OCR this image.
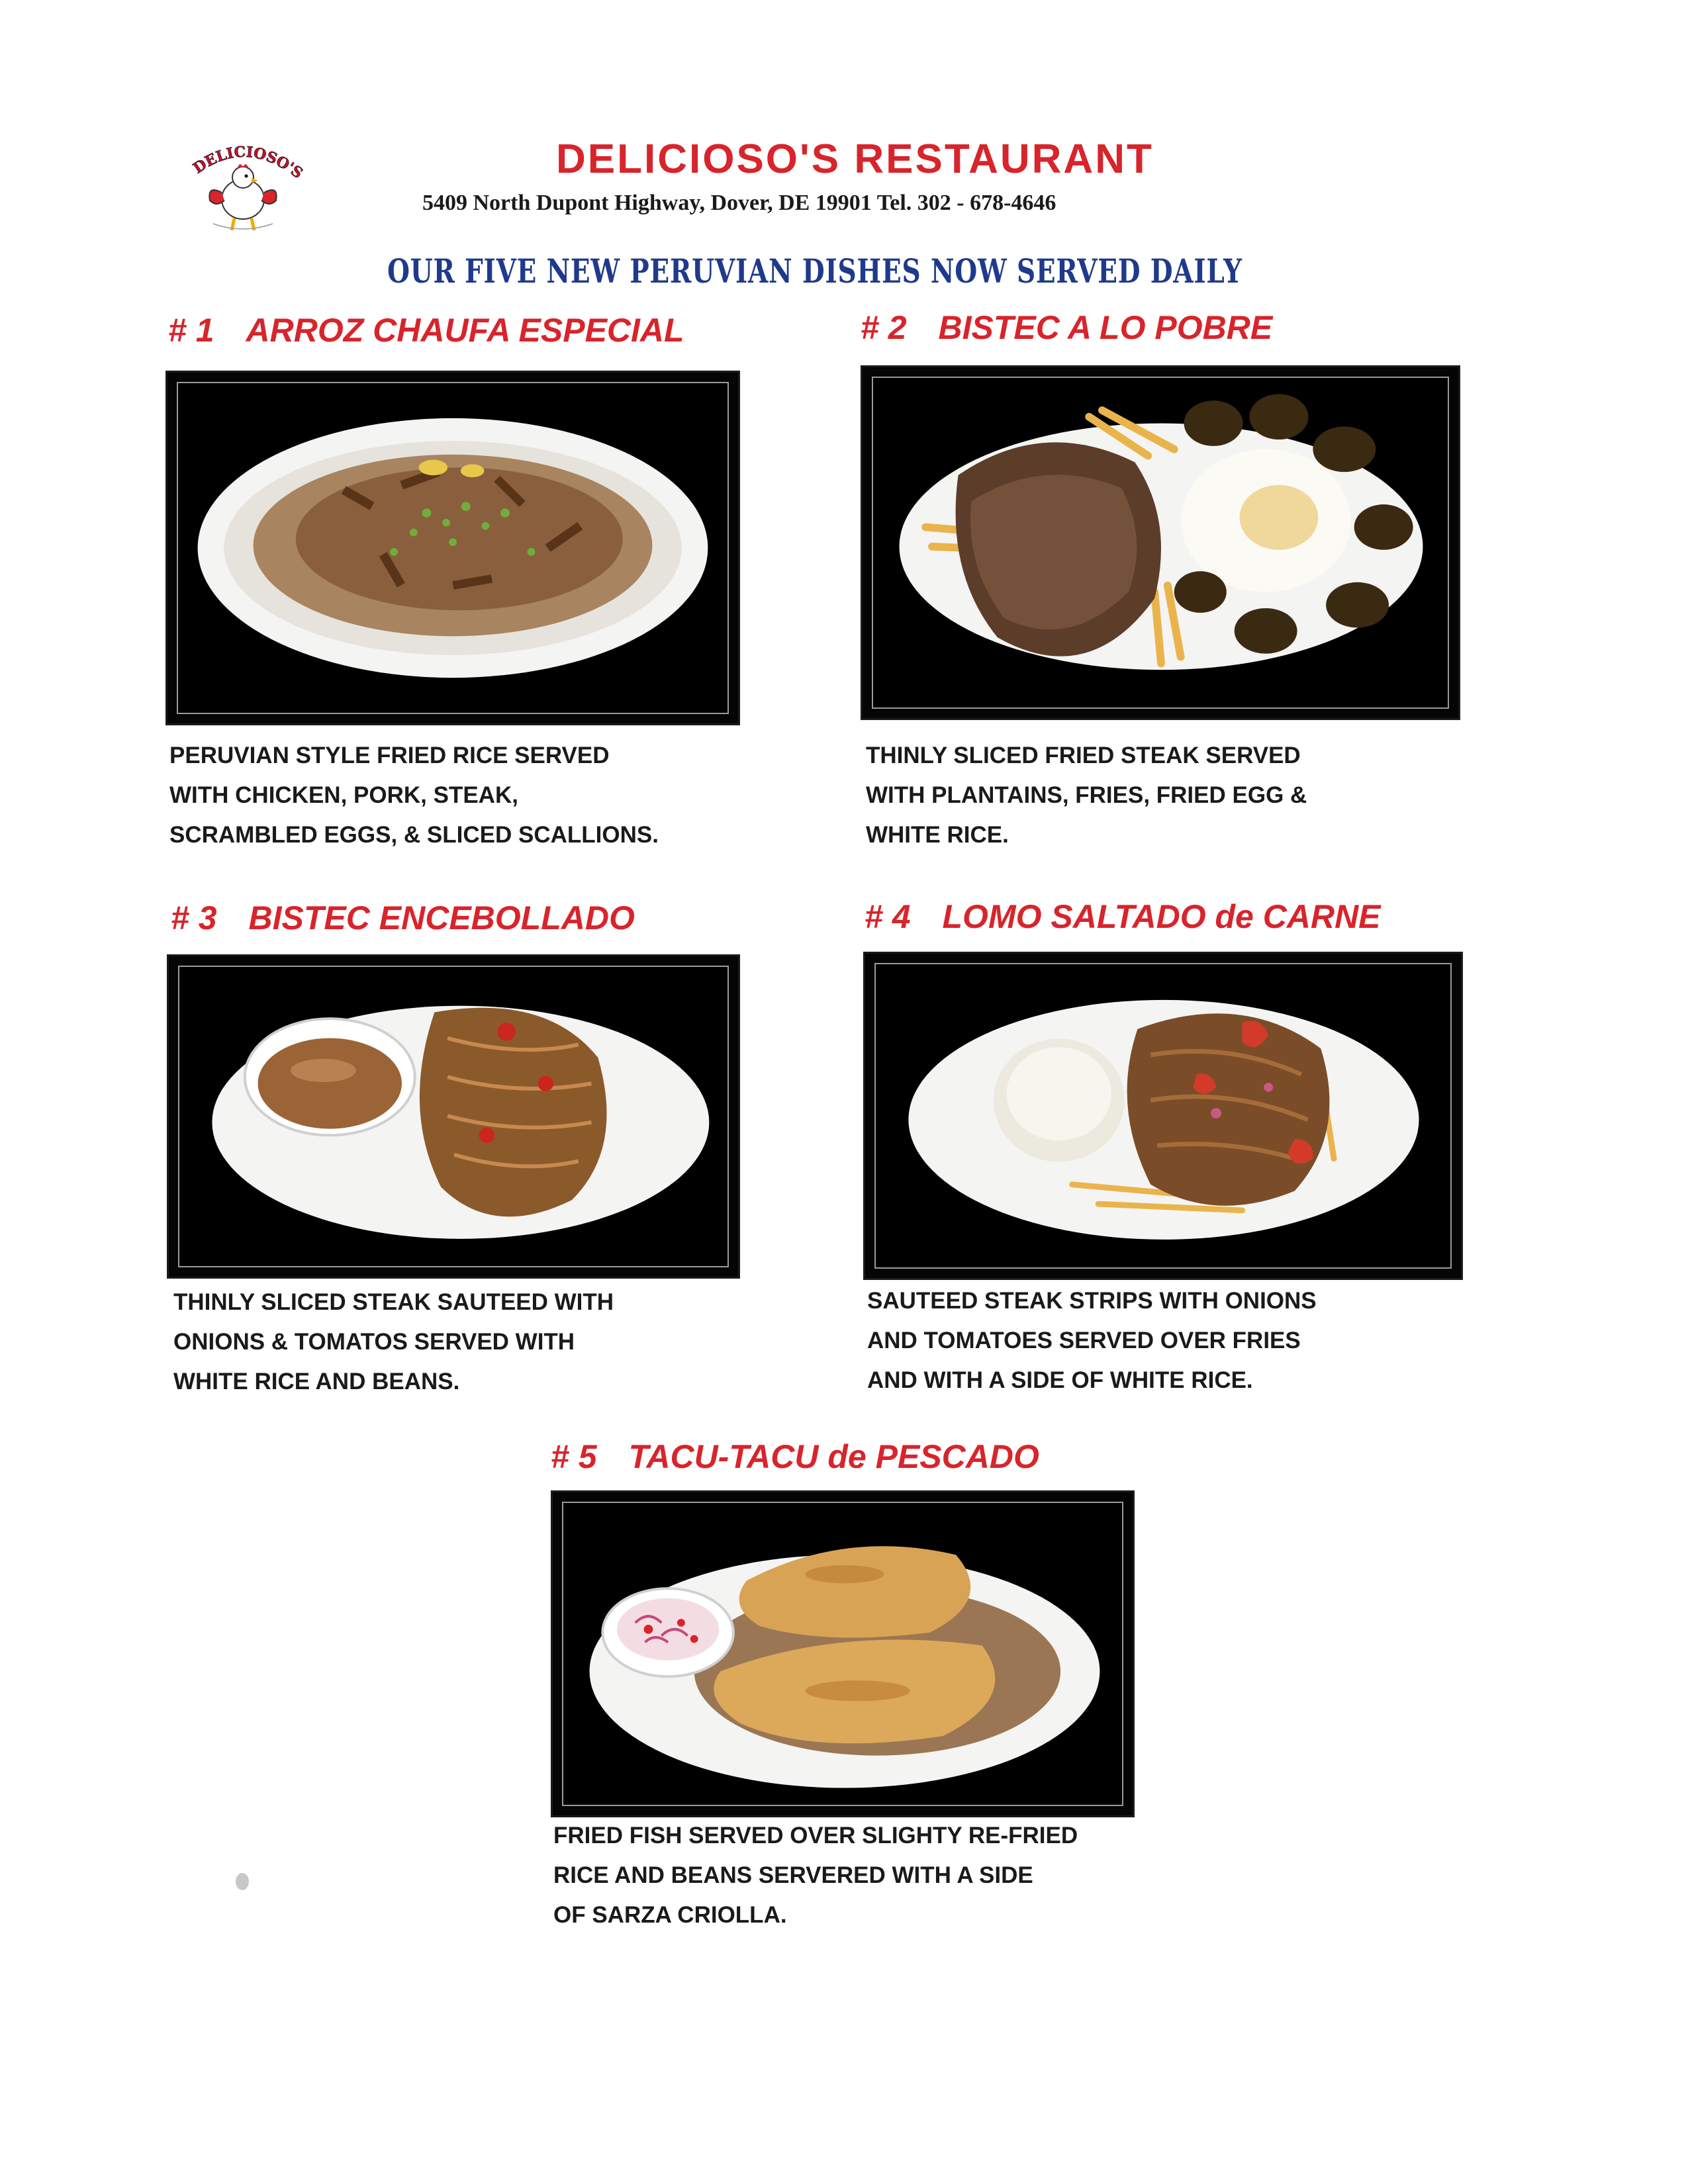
DELICIOSO'S	DELICIOSO'S RESTAURANT
5409 North Dupont Highway, Dover, DE 19901 Tel. 302 - 678-4646
OUR FIVE NEW PERUVIAN DISHES NOW SERVED DAILY
# 1 ARROZ CHAUFA ESPECIAL
PERUVIAN STYLE FRIED RICE SERVED
WITH CHICKEN, PORK, STEAK,
SCRAMBLED EGGS, & SLICED SCALLIONS.
# 2 BISTEC A LO POBRE
THINLY SLICED FRIED STEAK SERVED
WITH PLANTAINS, FRIES, FRIED EGG &
WHITE RICE.
# 3 BISTEC ENCEBOLLADO
THINLY SLICED STEAK SAUTEED WITH
ONIONS & TOMATOS SERVED WITH
WHITE RICE AND BEANS.
# 4 LOMO SALTADO de CARNE
SAUTEED STEAK STRIPS WITH ONIONS
AND TOMATOES SERVED OVER FRIES
AND WITH A SIDE OF WHITE RICE.
# 5 TACU-TACU de PESCADO
FRIED FISH SERVED OVER SLIGHTY RE-FRIED
RICE AND BEANS SERVERED WITH A SIDE
OF SARZA CRIOLLA.
